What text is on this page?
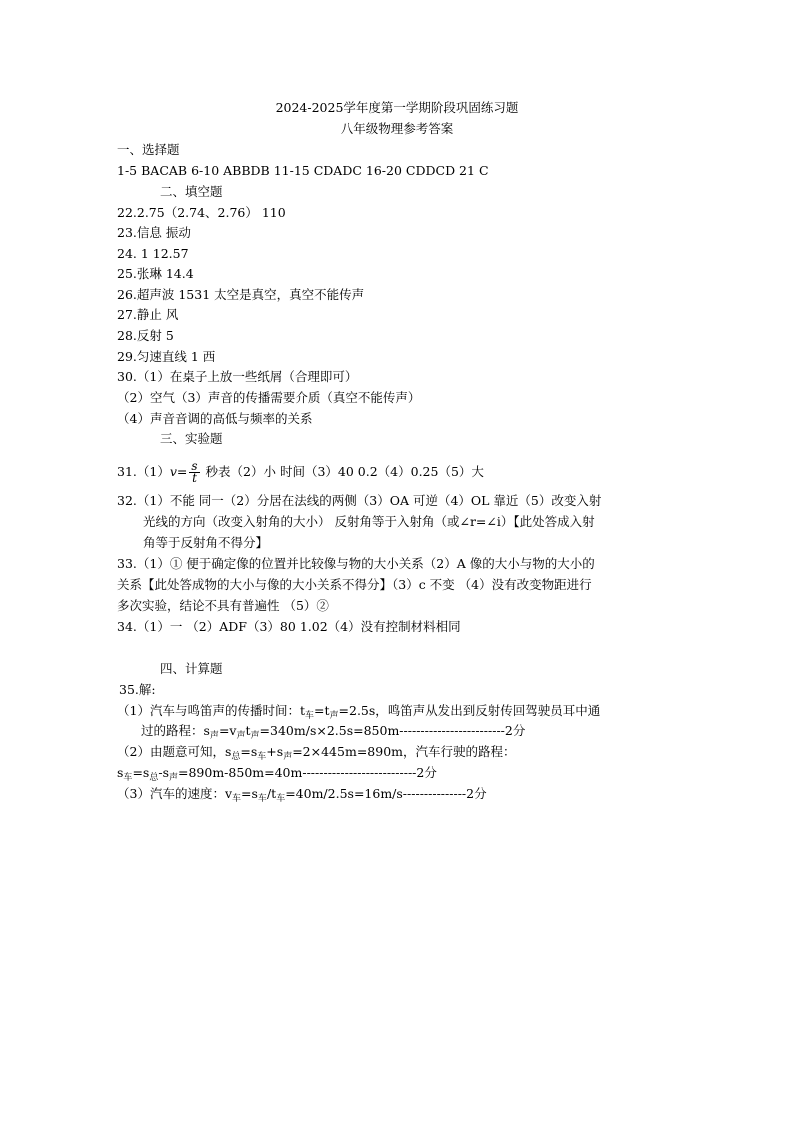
2024-2025学年度第一学期阶段巩固练习题
八年级物理参考答案
一、选择题
1-5 BACAB 6-10 ABBDB 11-15 CDADC 16-20 CDDCD 21 C
二、填空题
22.2.75（2.74、2.76） 110
23.信息 振动
24. 1 12.57
25.张琳 14.4
26.超声波 1531 太空是真空，真空不能传声
27.静止 风
28.反射 5
29.匀速直线 1 西
30.（1）在桌子上放一些纸屑（合理即可）
（2）空气（3）声音的传播需要介质（真空不能传声）
（4）声音音调的高低与频率的关系
三、实验题
$31.(1)v= \frac{s}{t}$ 秒表（2）小 时间（3）40 0.2（4）0.25（5）大
32.（1）不能 同一（2）分居在法线的两侧（3）OA 可逆（4）OL 靠近（5）改变入射
光线的方向（改变入射角的大小） 反射角等于入射角（或∠r=∠i）【此处答成入射
角等于反射角不得分】
33.（1）① 便于确定像的位置并比较像与物的大小关系（2）A 像的大小与物的大小的
关系【此处答成物的大小与像的大小关系不得分】（3）c 不变 （4）没有改变物距进行
多次实验，结论不具有普遍性 （5）②
34.（1）一 （2）ADF（3）80 1.02（4）没有控制材料相同
四、计算题
35.解:
（1）汽车与鸣笛声的传播时间：$t_车=t_声=2.5s$，鸣笛声从发出到反射传回驾驶员耳中通
过的路程：$s_声=v_声t_声=340m/s\times 2.5s=850m-------------------------2$分
（2）由题意可知，$s_总=s_车+s_声=2\times 445m=890m$，汽车行驶的路程：
$s_车=s_总-s_声=890m-850m=40m---------------------------2$分
（3）汽车的速度：$v_车=s_车/t_车=40m/2.5s=16m/s---------------2$分
